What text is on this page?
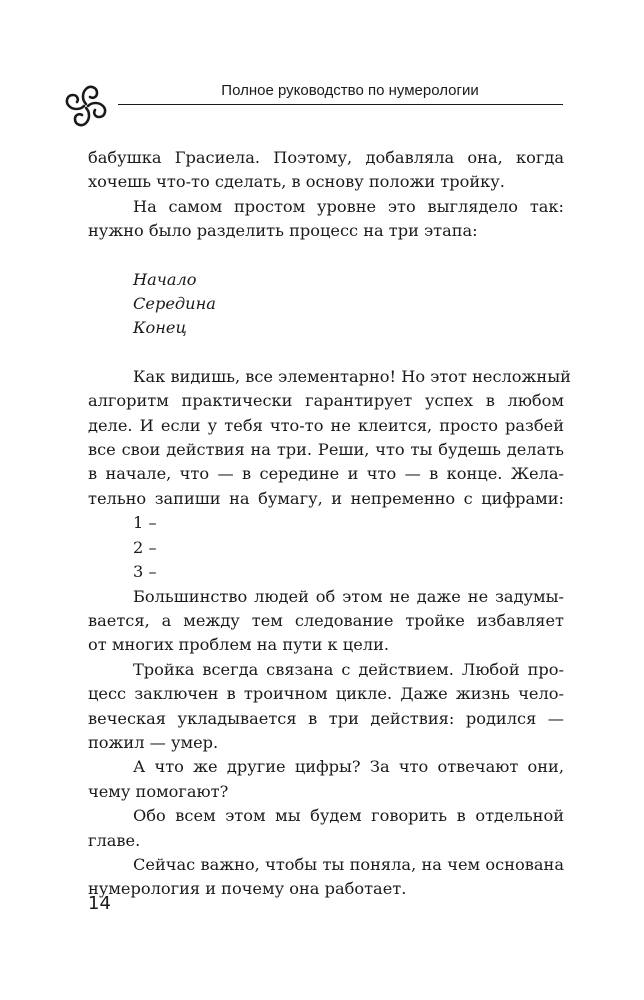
Полное руководство по нумерологии
бабушка Грасиела. Поэтому, добавляла она, когда
хочешь что-то сделать, в основу положи тройку.
На самом простом уровне это выглядело так:
нужно было разделить процесс на три этапа:
Начало
Середина
Конец
Как видишь, все элементарно! Но этот несложный
алгоритм практически гарантирует успех в любом
деле. И если у тебя что-то не клеится, просто разбей
все свои действия на три. Реши, что ты будешь делать
в начале, что — в середине и что — в конце. Жела-
тельно запиши на бумагу, и непременно с цифрами:
1 –
2 –
3 –
Большинство людей об этом не даже не задумы-
вается, а между тем следование тройке избавляет
от многих проблем на пути к цели.
Тройка всегда связана с действием. Любой про-
цесс заключен в троичном цикле. Даже жизнь чело-
веческая укладывается в три действия: родился —
пожил — умер.
А что же другие цифры? За что отвечают они,
чему помогают?
Обо всем этом мы будем говорить в отдельной
главе.
Сейчас важно, чтобы ты поняла, на чем основана
нумерология и почему она работает.
14
